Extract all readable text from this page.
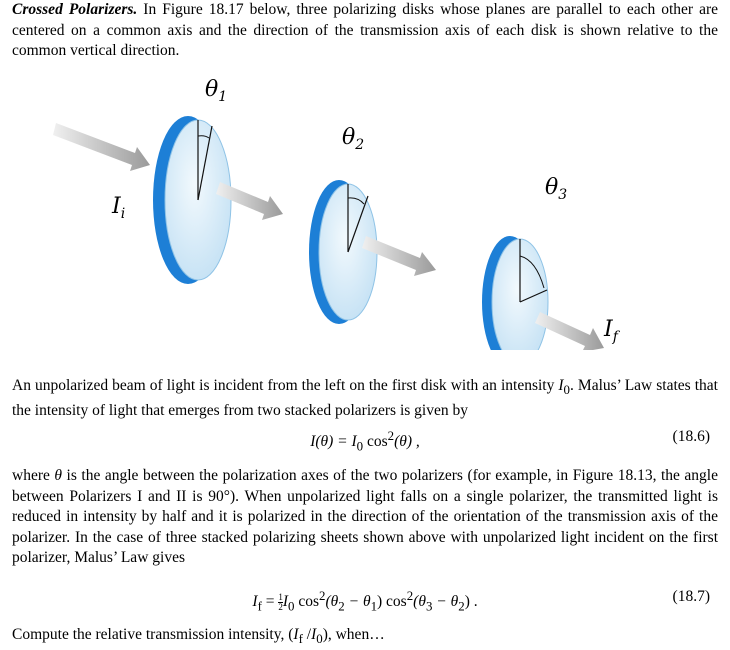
Crossed Polarizers. In Figure 18.17 below, three polarizing disks whose planes are parallel to each other are centered on a common axis and the direction of the transmission axis of each disk is shown relative to the common vertical direction.

$\theta_1$
$\theta_2$
$\theta_3$
$I_i$
$I_f$

An unpolarized beam of light is incident from the left on the first disk with an intensity $I_0$. Malus’ Law states that the intensity of light that emerges from two stacked polarizers is given by

$I(\theta) = I_0$ $\cos^2(\theta)$ ,	(18.6)

where θ is the angle between the polarization axes of the two polarizers (for example, in Figure 18.13, the angle between Polarizers I and II is 90°). When unpolarized light falls on a single polarizer, the transmitted light is reduced in intensity by half and it is polarized in the direction of the orientation of the transmission axis of the polarizer. In the case of three stacked polarizing sheets shown above with unpolarized light incident on the first polarizer, Malus’ Law gives

$I_f = \frac{1}{2} I_0$ $\cos^2(\theta_2 - \theta_1) \cos^2(\theta_3 - \theta_2)$ .	(18.7)

Compute the relative transmission intensity, ($I_f$ $/I_0$), when…
